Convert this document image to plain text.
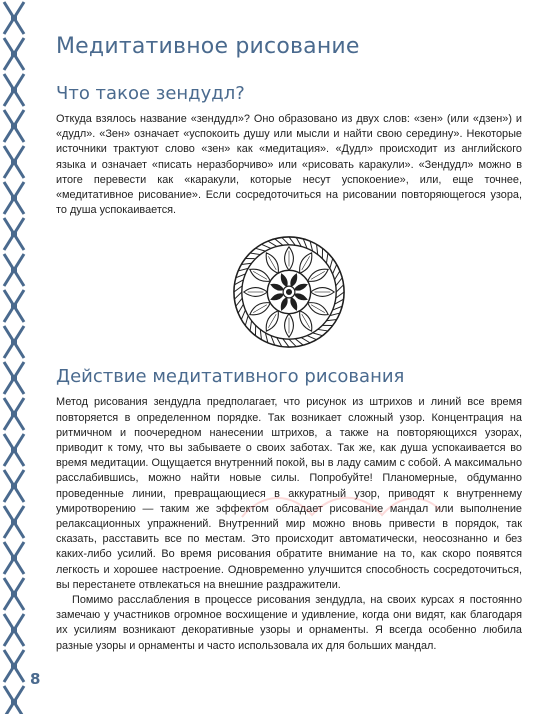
Медитативное рисование
Что такое зендудл?

Откуда взялось название «зендудл»? Оно образовано из двух слов: «зен» (или «дзен») и «дудл». «Зен» означает «успокоить душу или мысли и найти свою середину». Некоторые источники трактуют слово «зен» как «медитация». «Дудл» происходит из английского языка и означает «писать неразборчиво» или «рисовать каракули». «Зендудл» можно в итоге перевести как «каракули, которые несут успокоение», или, еще точнее, «медитативное рисование». Если сосредоточиться на рисовании повторяющегося узора, то душа успокаивается.

Действие медитативного рисования

Метод рисования зендудла предполагает, что рисунок из штрихов и линий все время повторяется в определенном порядке. Так возникает сложный узор. Концентрация на ритмичном и поочередном нанесении штрихов, а также на повторяющихся узорах, приводит к тому, что вы забываете о своих заботах. Так же, как душа успокаивается во время медитации. Ощущается внутренний покой, вы в ладу самим с собой. А максимально расслабившись, можно найти новые силы. Попробуйте! Планомерные, обдуманно проведенные линии, превращающиеся в аккуратный узор, приводят к внутреннему умиротворению — таким же эффектом обладает рисование мандал или выполнение релаксационных упражнений. Внутренний мир можно вновь привести в порядок, так сказать, расставить все по местам. Это происходит автоматически, неосознанно и без каких-либо усилий. Во время рисования обратите внимание на то, как скоро появятся легкость и хорошее настроение. Одновременно улучшится способность сосредоточиться, вы перестанете отвлекаться на внешние раздражители.

Помимо расслабления в процессе рисования зендудла, на своих курсах я постоянно замечаю у участников огромное восхищение и удивление, когда они видят, как благодаря их усилиям возникают декоративные узоры и орнаменты. Я всегда особенно любила разные узоры и орнаменты и часто использовала их для больших мандал.

8
